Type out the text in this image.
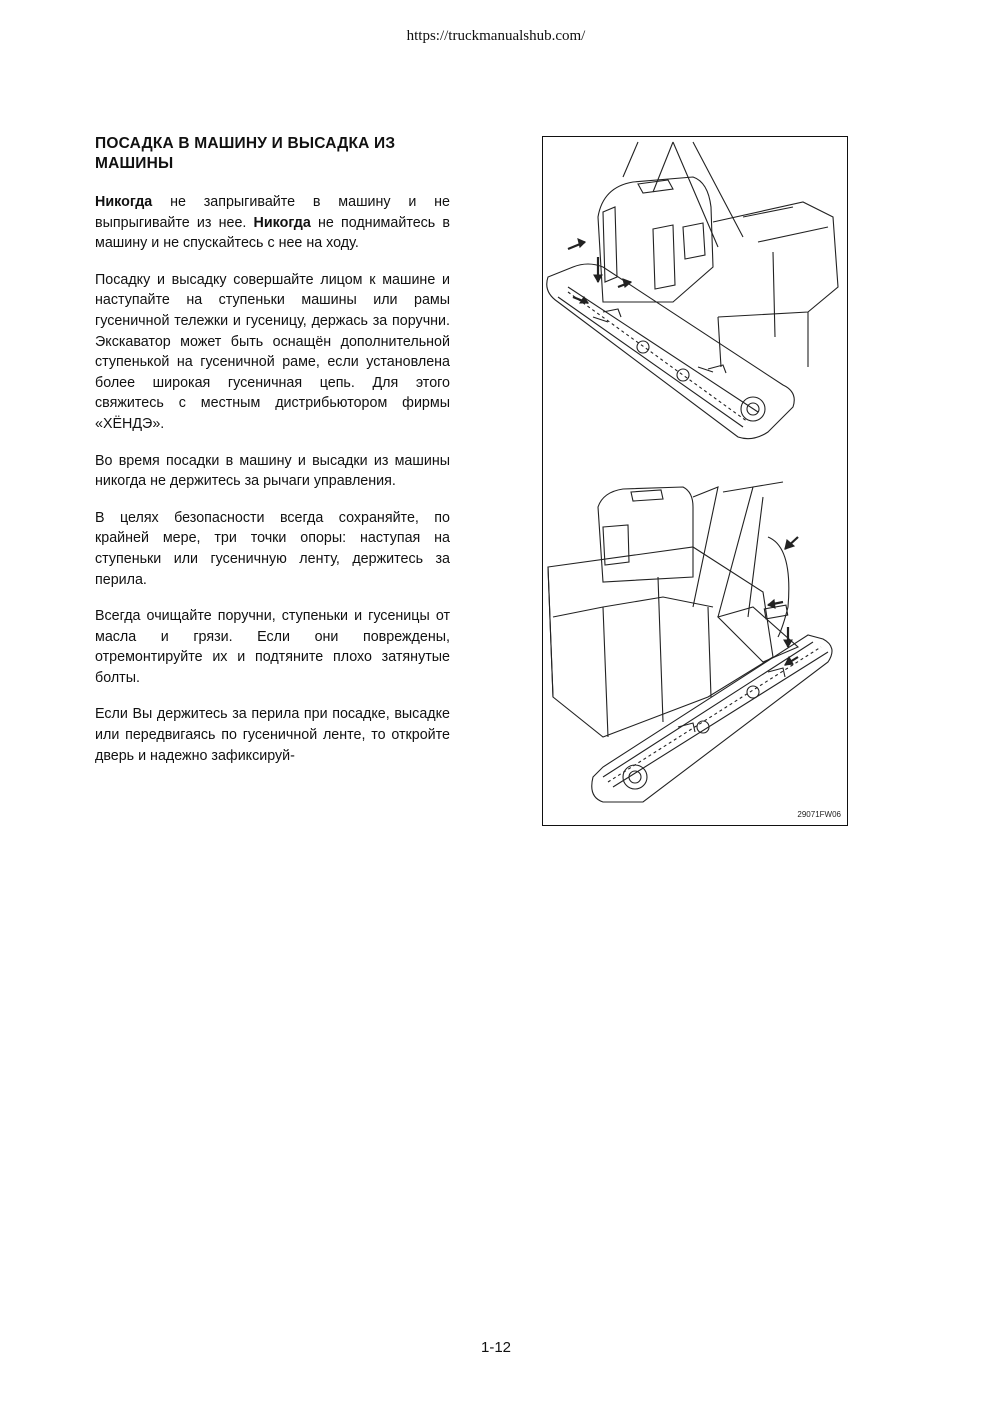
https://truckmanualshub.com/
ПОСАДКА В МАШИНУ И ВЫСАДКА ИЗ МАШИНЫ

Никогда не запрыгивайте в машину и не выпрыгивайте из нее. Никогда не поднимайтесь в машину и не спускайтесь с нее на ходу.

Посадку и высадку совершайте лицом к машине и наступайте на ступеньки машины или рамы гусеничной тележки и гусеницу, держась за поручни. Экскаватор может быть оснащён дополнительной ступенькой на гусеничной раме, если установлена более широкая гусеничная цепь. Для этого свяжитесь с местным дистрибьютором фирмы «ХЁНДЭ».

Во время посадки в машину и высадки из машины никогда не держитесь за рычаги управления.

В целях безопасности всегда сохраняйте, по крайней мере, три точки опоры: наступая на ступеньки или гусеничную ленту, держитесь за перила.

Всегда очищайте поручни, ступеньки и гусеницы от масла и грязи. Если они повреждены, отремонтируйте их и подтяните плохо затянутые болты.

Если Вы держитесь за перила при посадке, высадке или передвигаясь по гусеничной ленте, то откройте дверь и надежно зафиксируй-

29071FW06
1-12
